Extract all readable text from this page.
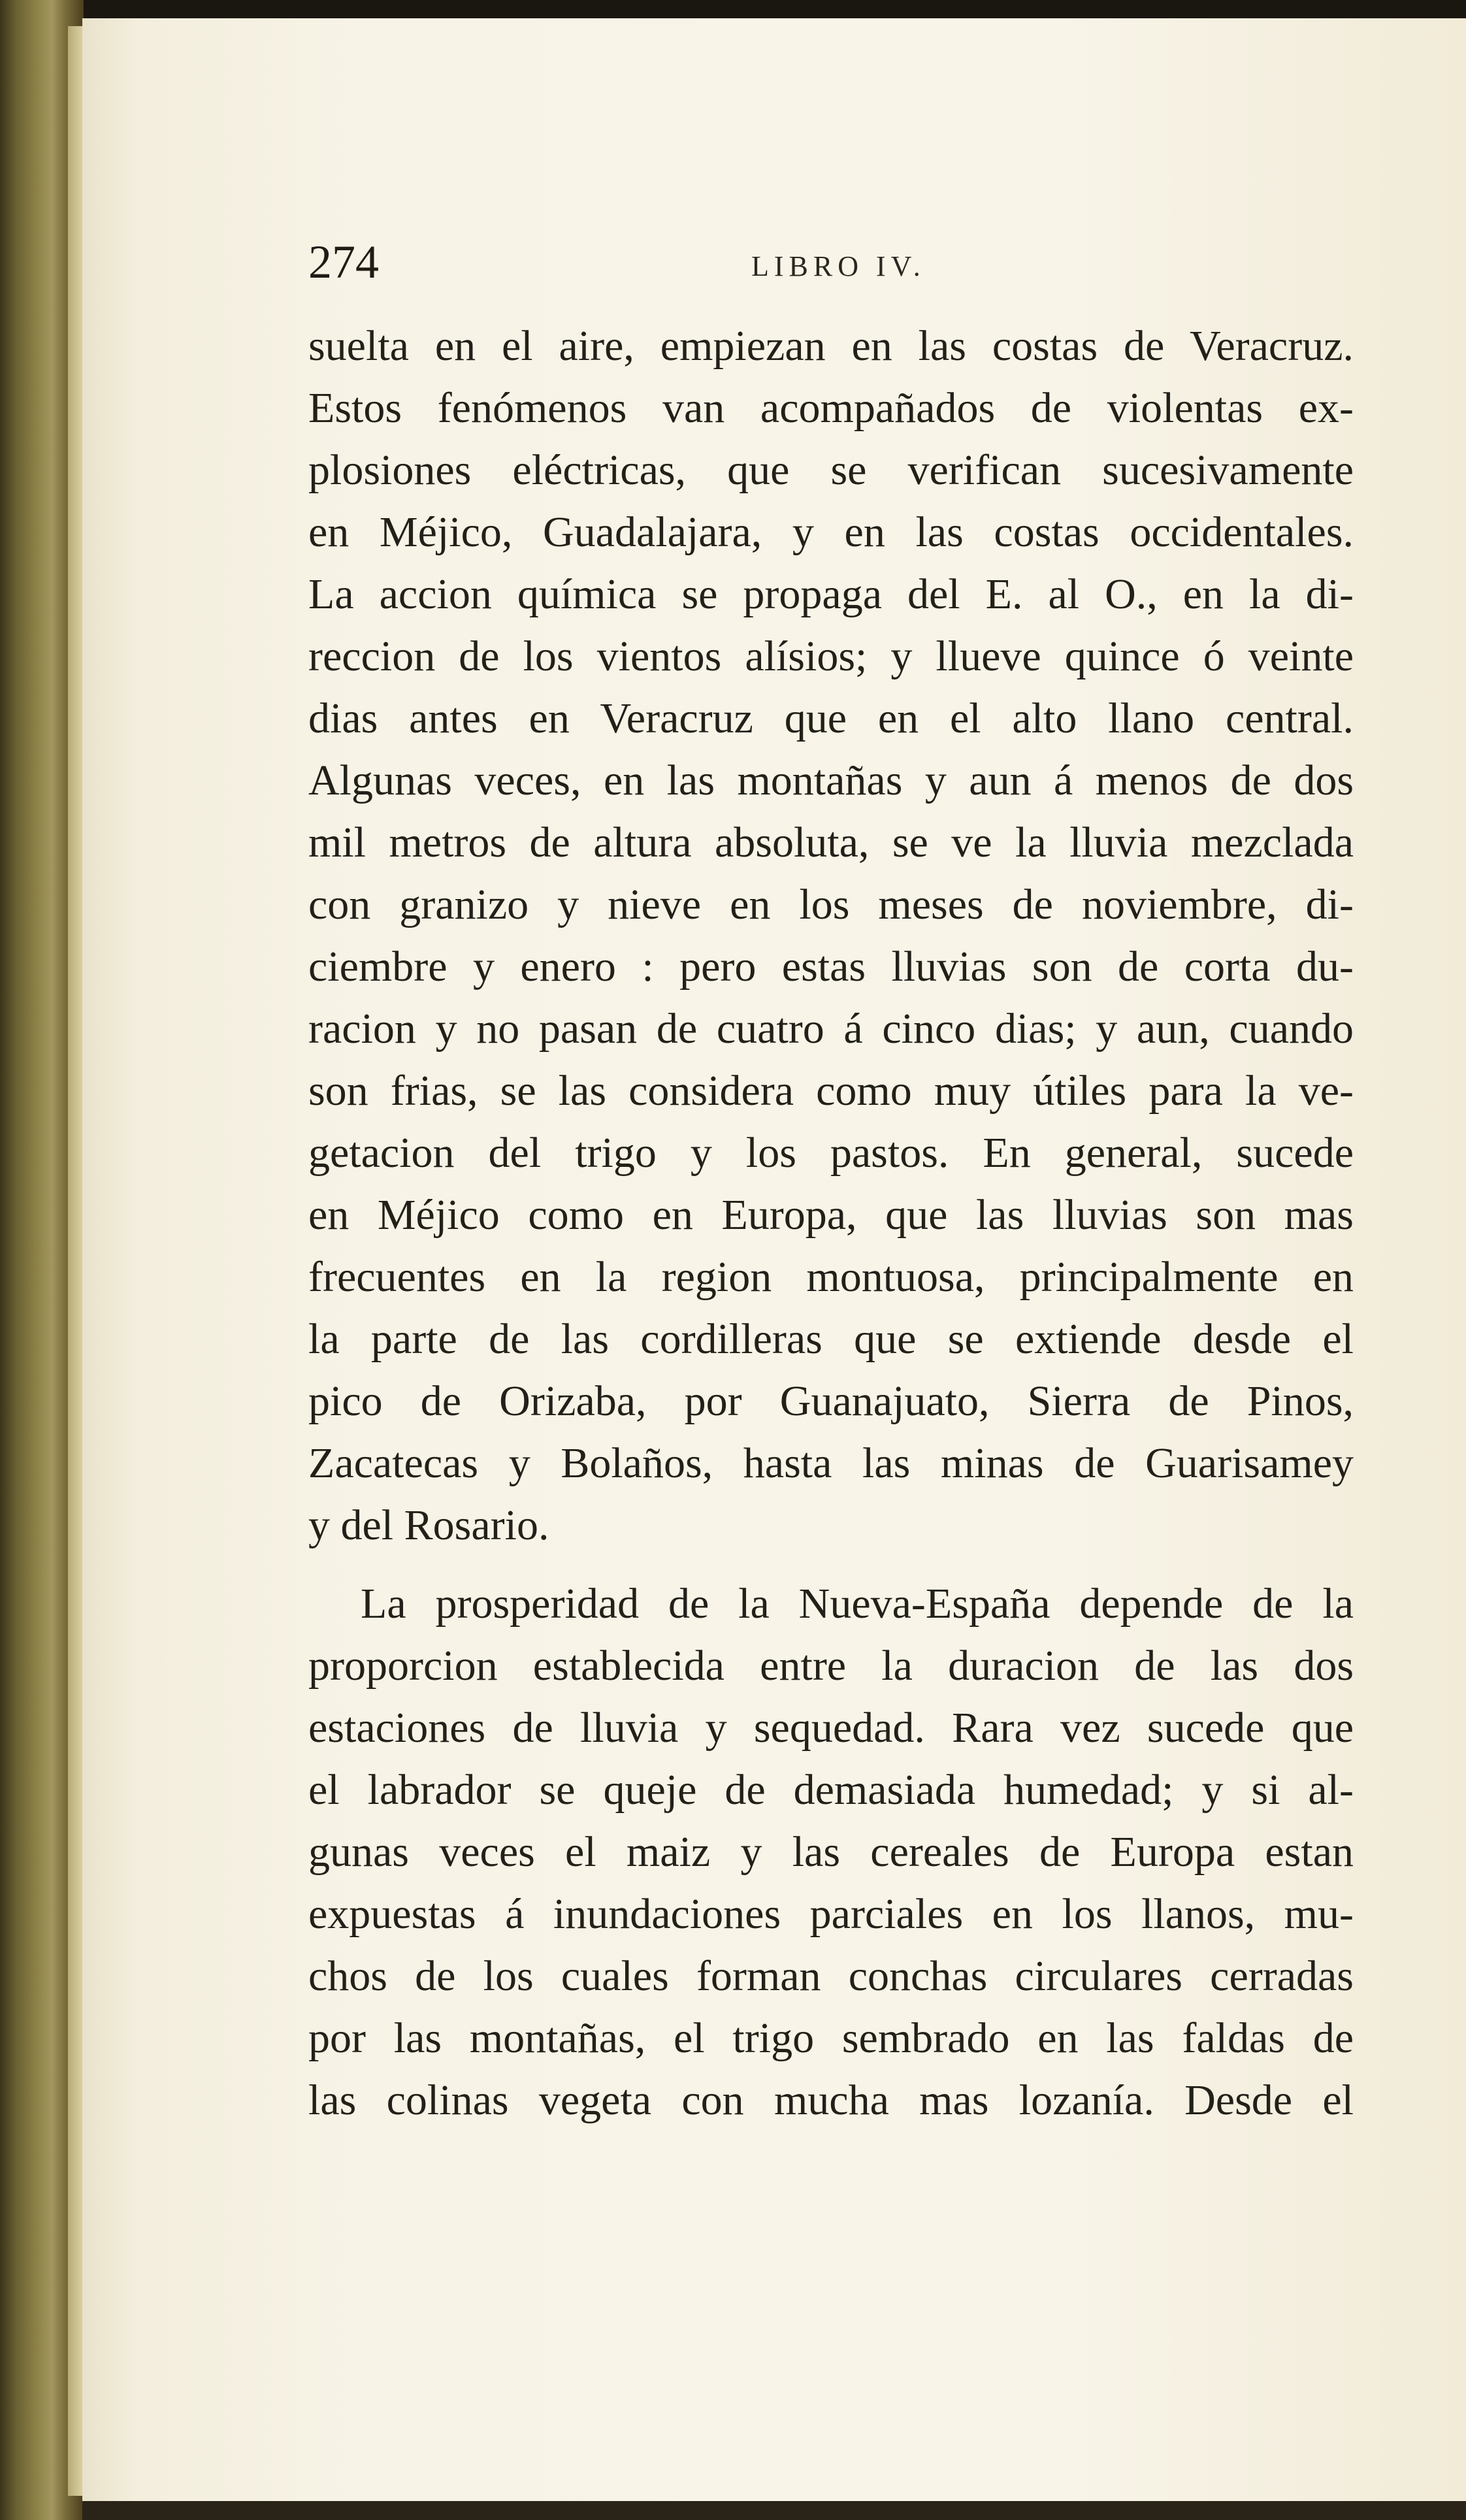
274	LIBRO IV.
suelta en el aire, empiezan en las costas de Veracruz.
Estos fenómenos van acompañados de violentas ex-
plosiones eléctricas, que se verifican sucesivamente
en Méjico, Guadalajara, y en las costas occidentales.
La accion química se propaga del E. al O., en la di-
reccion de los vientos alísios; y llueve quince ó veinte
dias antes en Veracruz que en el alto llano central.
Algunas veces, en las montañas y aun á menos de dos
mil metros de altura absoluta, se ve la lluvia mezclada
con granizo y nieve en los meses de noviembre, di-
ciembre y enero : pero estas lluvias son de corta du-
racion y no pasan de cuatro á cinco dias; y aun, cuando
son frias, se las considera como muy útiles para la ve-
getacion del trigo y los pastos. En general, sucede
en Méjico como en Europa, que las lluvias son mas
frecuentes en la region montuosa, principalmente en
la parte de las cordilleras que se extiende desde el
pico de Orizaba, por Guanajuato, Sierra de Pinos,
Zacatecas y Bolaños, hasta las minas de Guarisamey
y del Rosario.
La prosperidad de la Nueva-España depende de la
proporcion establecida entre la duracion de las dos
estaciones de lluvia y sequedad. Rara vez sucede que
el labrador se queje de demasiada humedad; y si al-
gunas veces el maiz y las cereales de Europa estan
expuestas á inundaciones parciales en los llanos, mu-
chos de los cuales forman conchas circulares cerradas
por las montañas, el trigo sembrado en las faldas de
las colinas vegeta con mucha mas lozanía. Desde el
